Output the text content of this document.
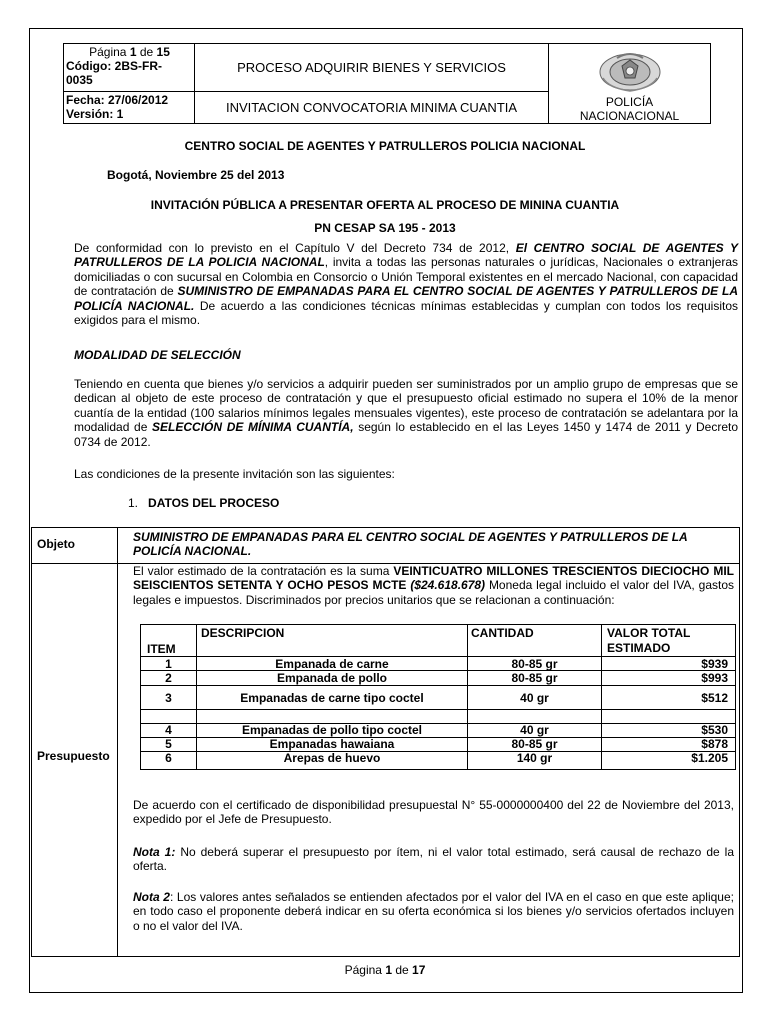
Página 1 de 15
Código: 2BS-FR-
0035
Fecha: 27/06/2012
Versión: 1
PROCESO ADQUIRIR BIENES Y SERVICIOS
INVITACION CONVOCATORIA MINIMA CUANTIA	POLICÍA
NACIONACIONAL
CENTRO SOCIAL DE AGENTES Y PATRULLEROS POLICIA NACIONAL
Bogotá, Noviembre 25 del 2013
INVITACIÓN PÚBLICA A PRESENTAR OFERTA AL PROCESO DE MININA CUANTIA
PN CESAP SA 195 - 2013

De conformidad con lo previsto en el Capítulo V del Decreto 734 de 2012, El CENTRO SOCIAL DE AGENTES Y PATRULLEROS DE LA POLICIA NACIONAL, invita a todas las personas naturales o jurídicas, Nacionales o extranjeras domiciliadas o con sucursal en Colombia en Consorcio o Unión Temporal existentes en el mercado Nacional, con capacidad de contratación de SUMINISTRO DE EMPANADAS PARA EL CENTRO SOCIAL DE AGENTES Y PATRULLEROS DE LA POLICÍA NACIONAL. De acuerdo a las condiciones técnicas mínimas establecidas y cumplan con todos los requisitos exigidos para el mismo.

MODALIDAD DE SELECCIÓN

Teniendo en cuenta que bienes y/o servicios a adquirir pueden ser suministrados por un amplio grupo de empresas que se dedican al objeto de este proceso de contratación y que el presupuesto oficial estimado no supera el 10% de la menor cuantía de la entidad (100 salarios mínimos legales mensuales vigentes), este proceso de contratación se adelantara por la modalidad de SELECCIÓN DE MÍNIMA CUANTÍA, según lo establecido en el las Leyes 1450 y 1474 de 2011 y Decreto 0734 de 2012.

Las condiciones de la presente invitación son las siguientes:
1. DATOS DEL PROCESO
Objeto	SUMINISTRO DE EMPANADAS PARA EL CENTRO SOCIAL DE AGENTES Y PATRULLEROS DE LA POLICÍA NACIONAL.
Presupuesto

El valor estimado de la contratación es la suma VEINTICUATRO MILLONES TRESCIENTOS DIECIOCHO MIL SEISCIENTOS SETENTA Y OCHO PESOS MCTE ($24.618.678) Moneda legal incluido el valor del IVA, gastos legales e impuestos. Discriminados por precios unitarios que se relacionan a continuación:

ITEM
DESCRIPCION	CANTIDAD	VALOR TOTAL
ESTIMADO
1	Empanada de carne	80-85 gr	$939
2	Empanada de pollo	80-85 gr	$993
3	Empanadas de carne tipo coctel	40 gr	$512
4	Empanadas de pollo tipo coctel	40 gr	$530
5	Empanadas hawaiana	80-85 gr	$878
6	Arepas de huevo	140 gr	$1.205

De acuerdo con el certificado de disponibilidad presupuestal N° 55-0000000400 del 22 de Noviembre del 2013, expedido por el Jefe de Presupuesto.

Nota 1: No deberá superar el presupuesto por ítem, ni el valor total estimado, será causal de rechazo de la oferta.

Nota 2: Los valores antes señalados se entienden afectados por el valor del IVA en el caso en que este aplique; en todo caso el proponente deberá indicar en su oferta económica si los bienes y/o servicios ofertados incluyen o no el valor del IVA.

Página 1 de 17
